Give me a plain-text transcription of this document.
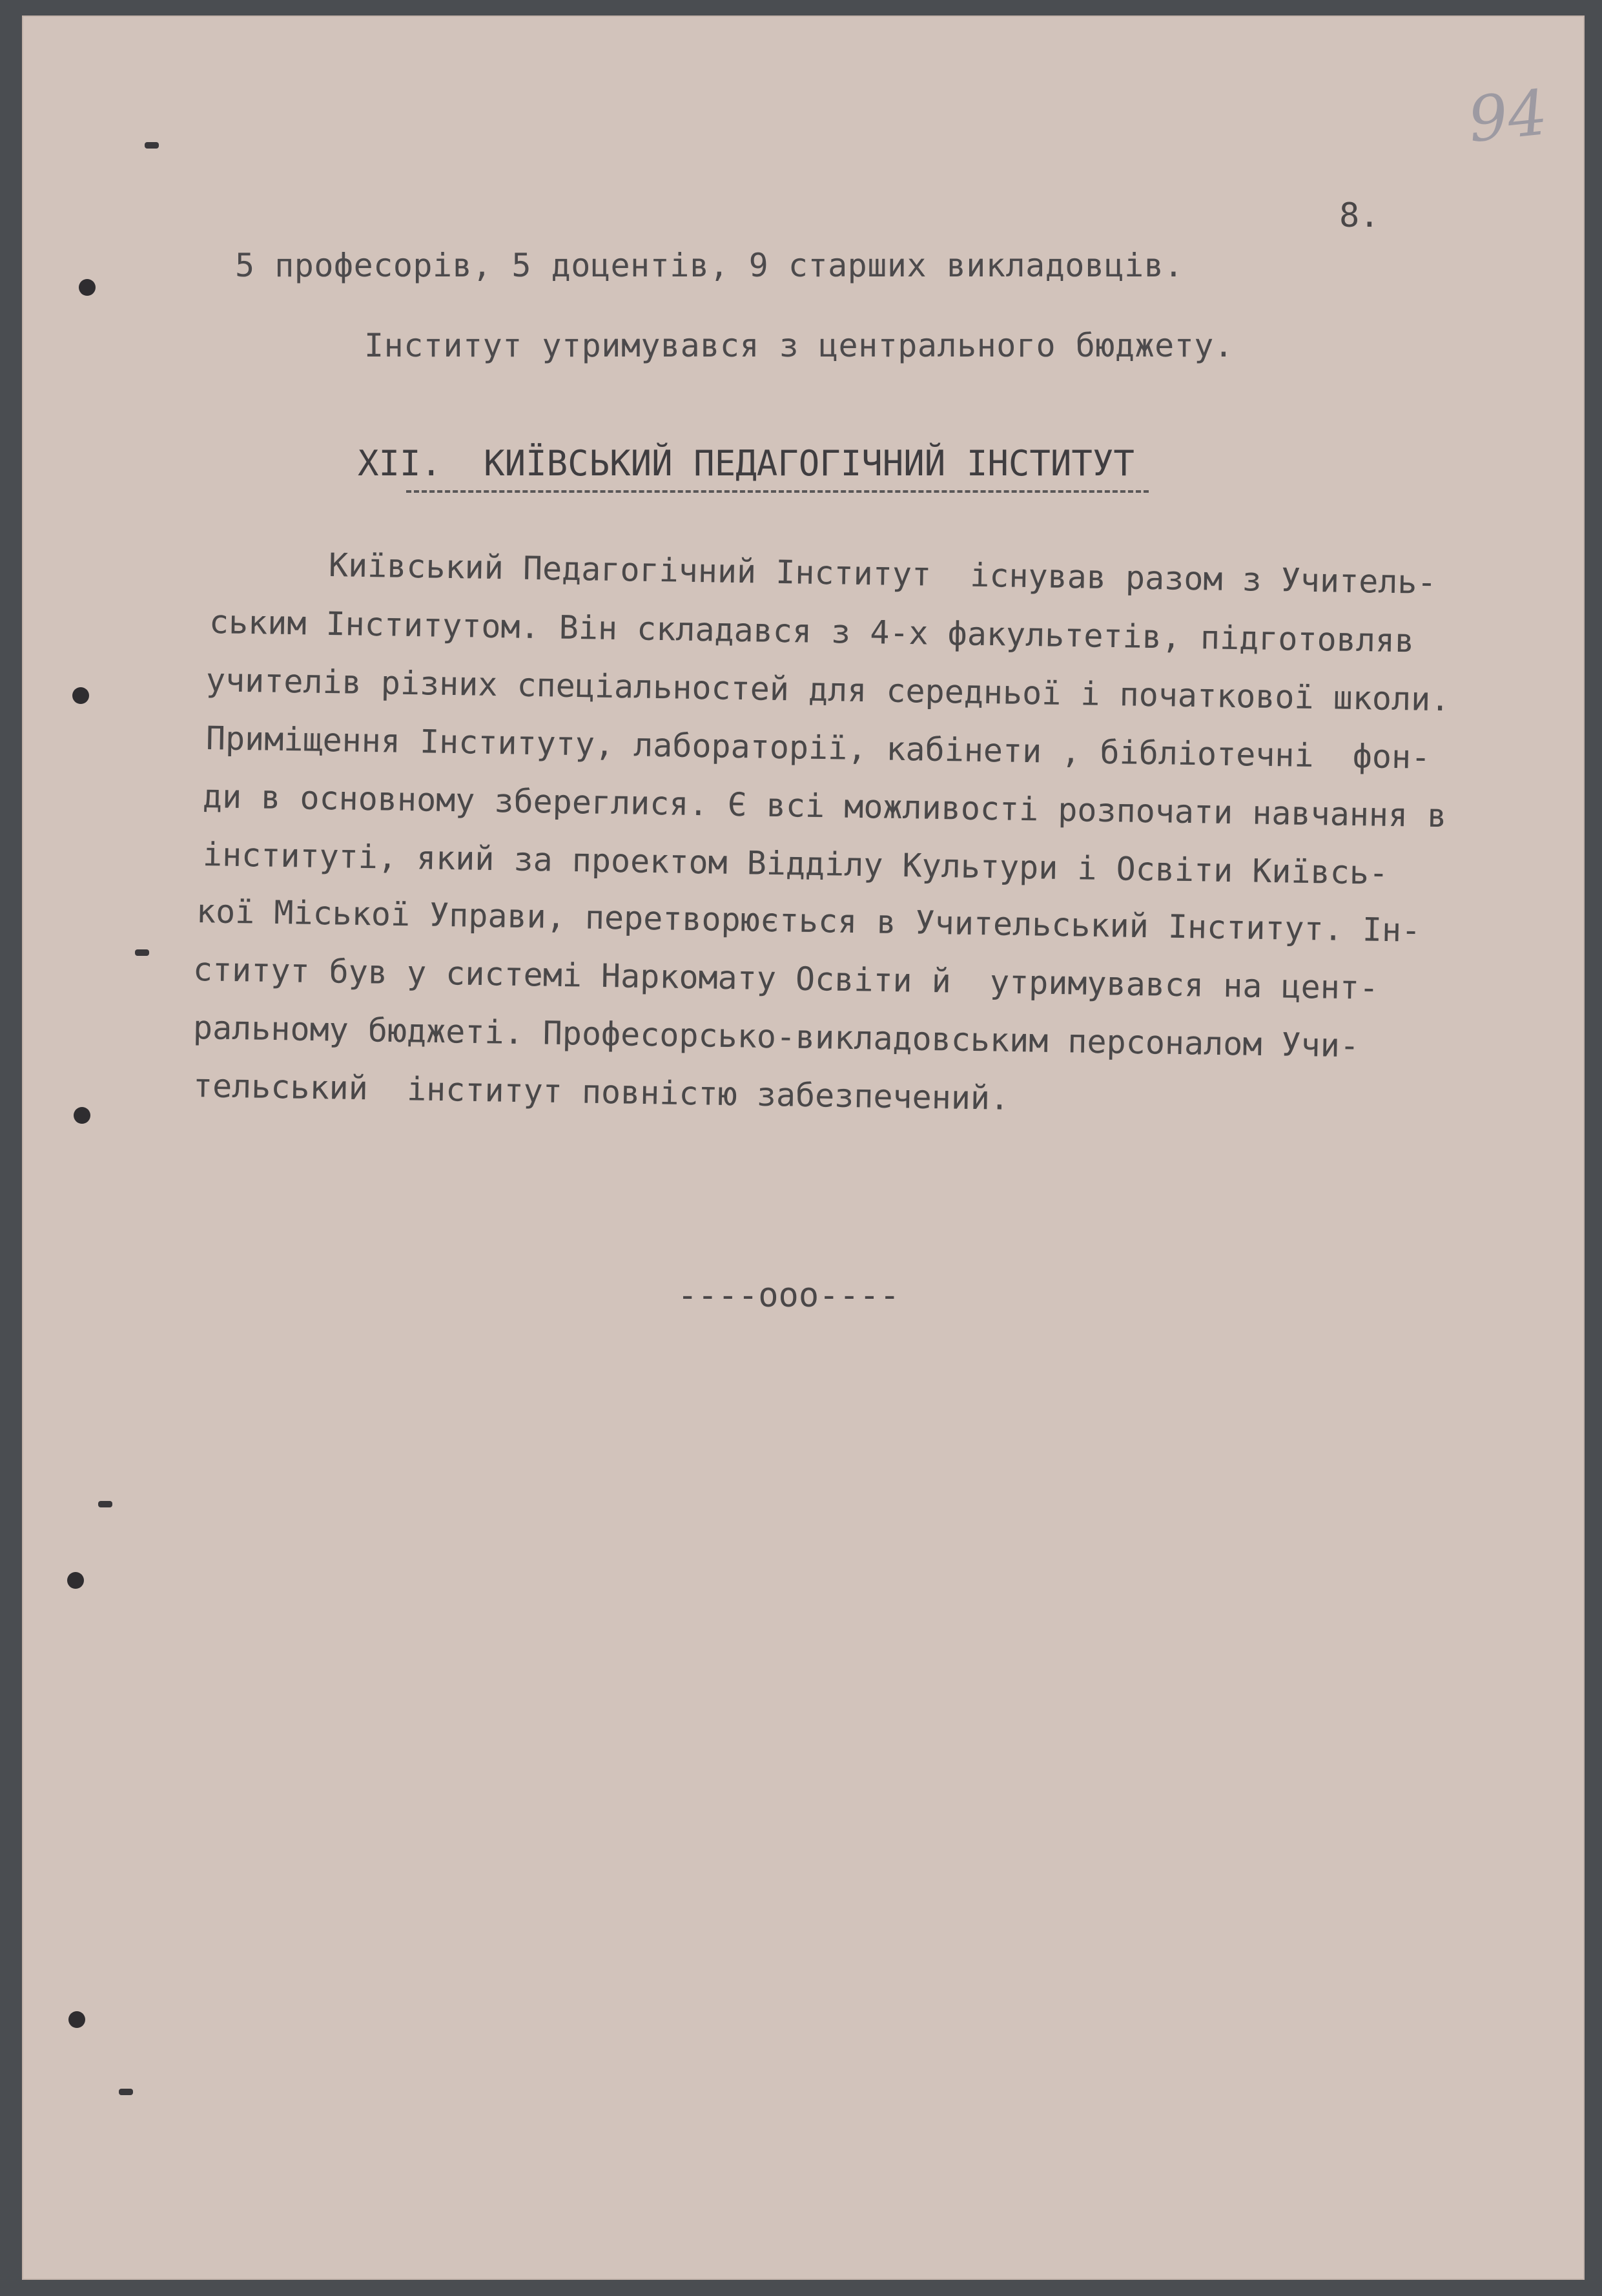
94
8.
5 професорів, 5 доцентів, 9 старших викладовців.
Інститут утримувався з центрального бюджету.
XII. КИЇВСЬКИЙ ПЕДАГОГІЧНИЙ ІНСТИТУТ
Київський Педагогічний Інститут  існував разом з Учитель-
ським Інститутом. Він складався з 4-х факультетів, підготовляв
учителів різних спеціальностей для середньої і початкової школи.
Приміщення Інституту, лабораторії, кабінети , бібліотечні  фон-
ди в основному збереглися. Є всі можливості розпочати навчання в
інституті, який за проектом Відділу Культури і Освіти Київсь-
кої Міської Управи, перетворюється в Учительський Інститут. Ін-
ститут був у системі Наркомату Освіти й  утримувався на цент-
ральному бюджеті. Професорсько-викладовським персоналом Учи-
тельський  інститут повністю забезпечений.
----ооо----
